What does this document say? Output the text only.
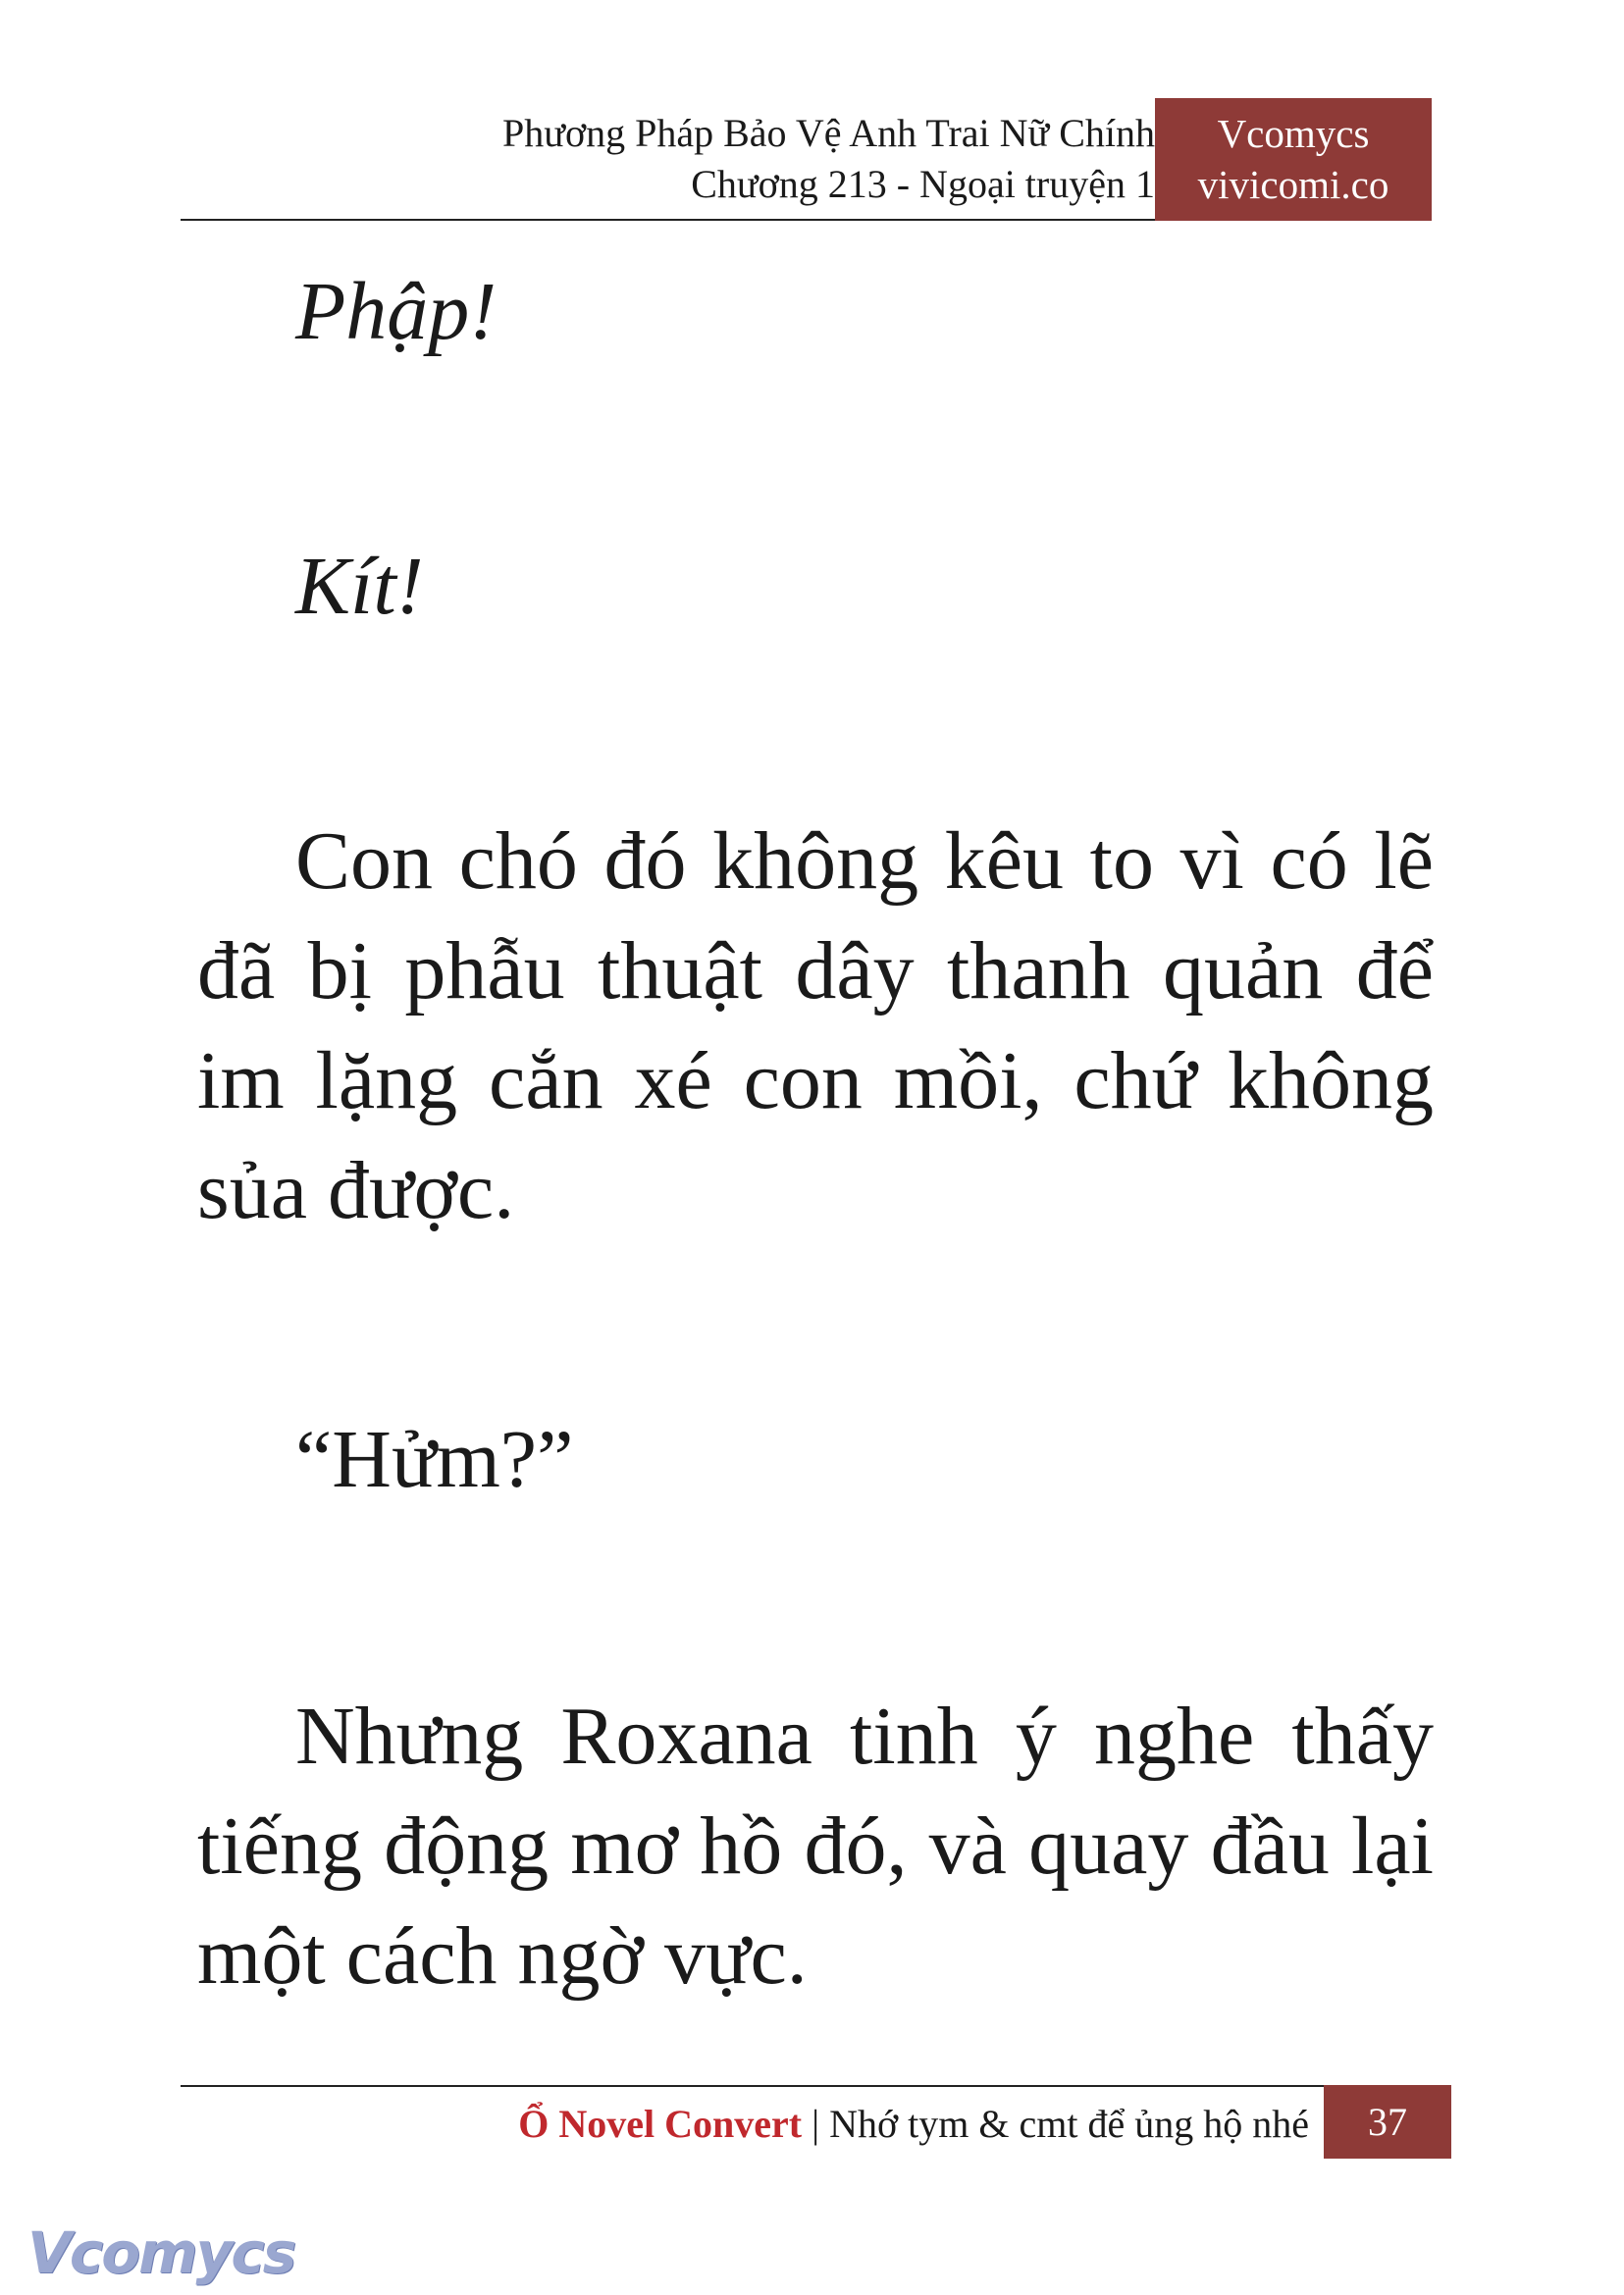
Phương Pháp Bảo Vệ Anh Trai Nữ Chính
Chương 213 - Ngoại truyện 1
Vcomycs
vivicomi.co
Phập!
Kít!
Con chó đó không kêu to vì có lẽ đã bị phẫu thuật dây thanh quản để im lặng cắn xé con mồi, chứ không sủa được.
“Hửm?”
Nhưng Roxana tinh ý nghe thấy tiếng động mơ hồ đó, và quay đầu lại một cách ngờ vực.
Ổ Novel Convert | Nhớ tym & cmt để ủng hộ nhé	37
Vcomycs
